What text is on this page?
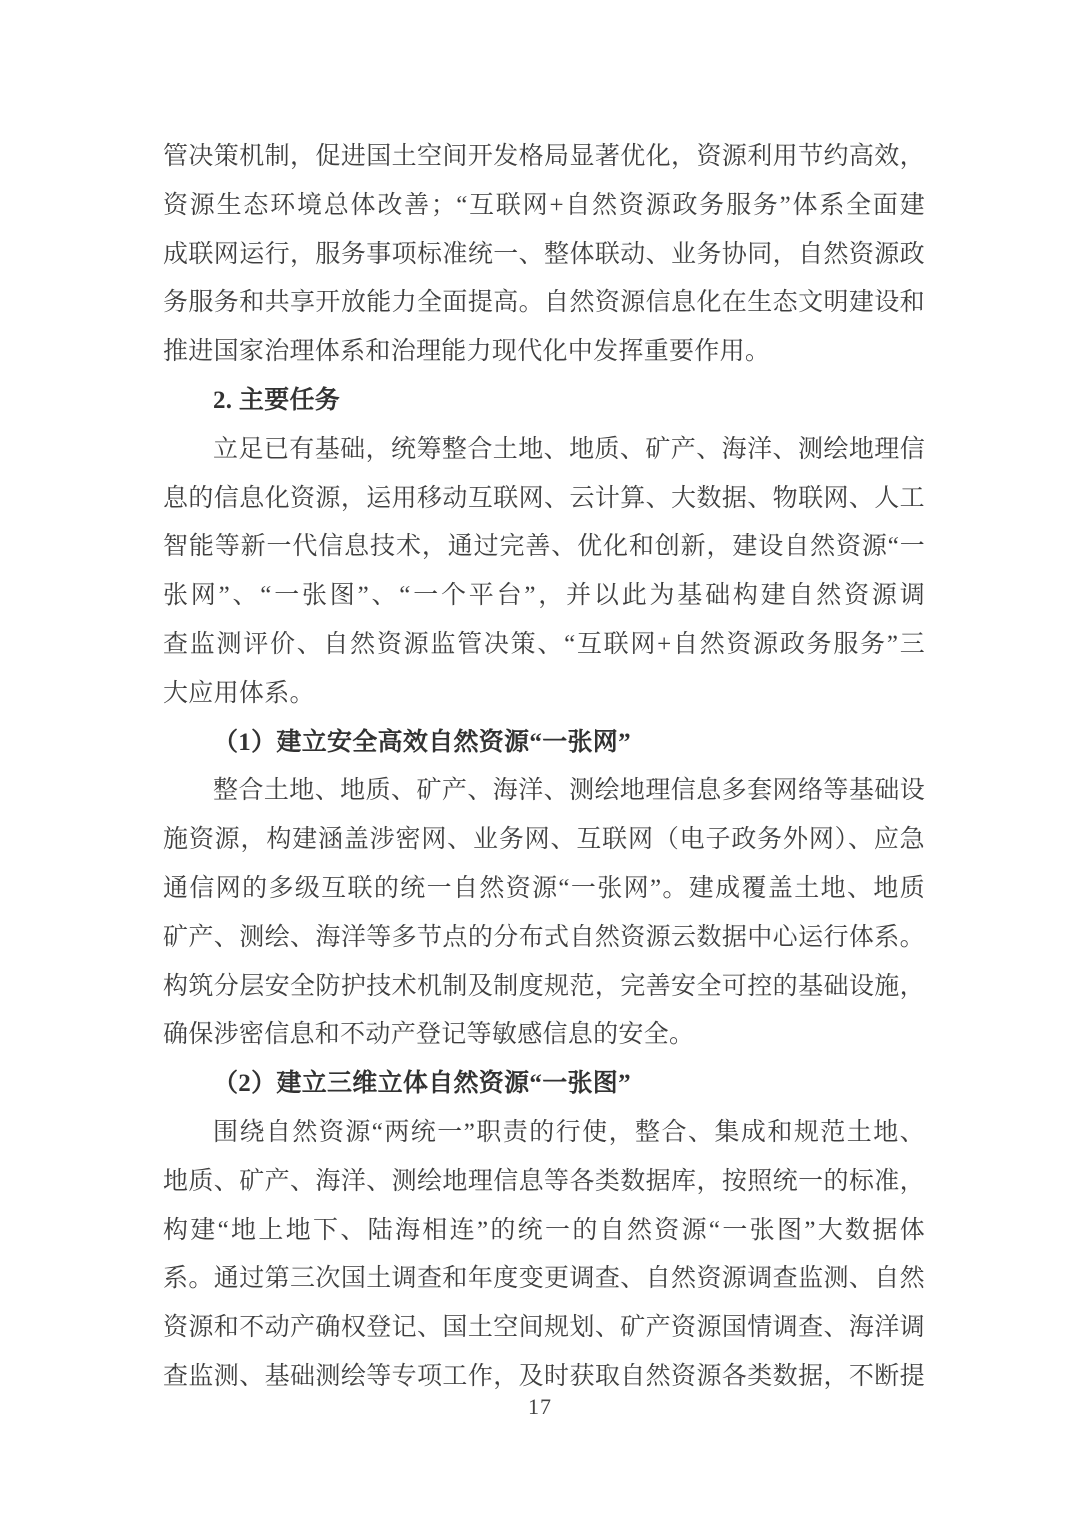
管决策机制，促进国土空间开发格局显著优化，资源利用节约高效，

资源生态环境总体改善；“互联网+自然资源政务服务”体系全面建

成联网运行，服务事项标准统一、整体联动、业务协同，自然资源政

务服务和共享开放能力全面提高。自然资源信息化在生态文明建设和

推进国家治理体系和治理能力现代化中发挥重要作用。

2. 主要任务

立足已有基础，统筹整合土地、地质、矿产、海洋、测绘地理信

息的信息化资源，运用移动互联网、云计算、大数据、物联网、人工

智能等新一代信息技术，通过完善、优化和创新，建设自然资源“一

张网”、“一张图”、“一个平台”，并以此为基础构建自然资源调

查监测评价、自然资源监管决策、“互联网+自然资源政务服务”三

大应用体系。

（1）建立安全高效自然资源“一张网”

整合土地、地质、矿产、海洋、测绘地理信息多套网络等基础设

施资源，构建涵盖涉密网、业务网、互联网（电子政务外网）、应急

通信网的多级互联的统一自然资源“一张网”。建成覆盖土地、地质

矿产、测绘、海洋等多节点的分布式自然资源云数据中心运行体系。

构筑分层安全防护技术机制及制度规范，完善安全可控的基础设施，

确保涉密信息和不动产登记等敏感信息的安全。

（2）建立三维立体自然资源“一张图”

围绕自然资源“两统一”职责的行使，整合、集成和规范土地、

地质、矿产、海洋、测绘地理信息等各类数据库，按照统一的标准，

构建“地上地下、陆海相连”的统一的自然资源“一张图”大数据体

系。通过第三次国土调查和年度变更调查、自然资源调查监测、自然

资源和不动产确权登记、国土空间规划、矿产资源国情调查、海洋调

查监测、基础测绘等专项工作，及时获取自然资源各类数据，不断提

17
